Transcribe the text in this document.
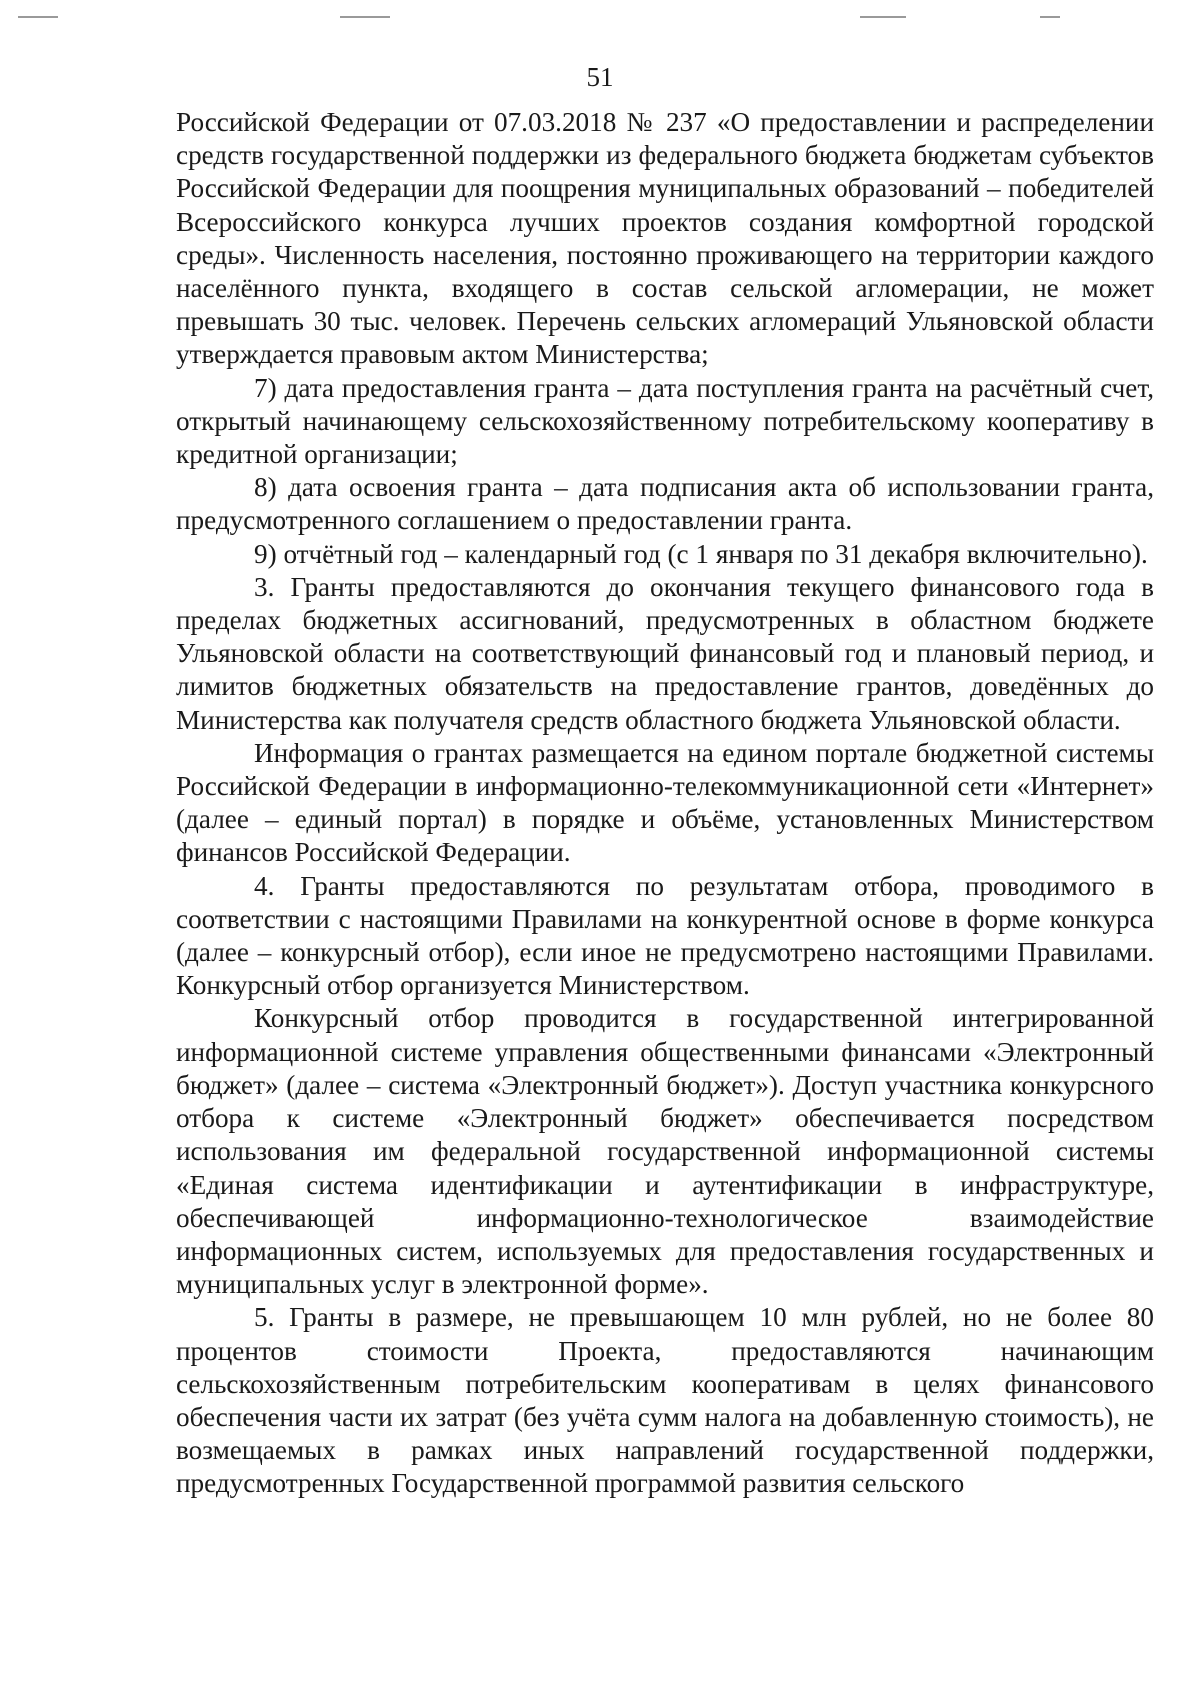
51

Российской Федерации от 07.03.2018 № 237 «О предоставлении и распределении средств государственной поддержки из федерального бюджета бюджетам субъектов Российской Федерации для поощрения муниципальных образований – победителей Всероссийского конкурса лучших проектов создания комфортной городской среды». Численность населения, постоянно проживающего на территории каждого населённого пункта, входящего в состав сельской агломерации, не может превышать 30 тыс. человек. Перечень сельских агломераций Ульяновской области утверждается правовым актом Министерства;

7) дата предоставления гранта – дата поступления гранта на расчётный счет, открытый начинающему сельскохозяйственному потребительскому кооперативу в кредитной организации;

8) дата освоения гранта – дата подписания акта об использовании гранта, предусмотренного соглашением о предоставлении гранта.

9) отчётный год – календарный год (с 1 января по 31 декабря включительно).

3. Гранты предоставляются до окончания текущего финансового года в пределах бюджетных ассигнований, предусмотренных в областном бюджете Ульяновской области на соответствующий финансовый год и плановый период, и лимитов бюджетных обязательств на предоставление грантов, доведённых до Министерства как получателя средств областного бюджета Ульяновской области.

Информация о грантах размещается на едином портале бюджетной системы Российской Федерации в информационно-телекоммуникационной сети «Интернет» (далее – единый портал) в порядке и объёме, установленных Министерством финансов Российской Федерации.

4. Гранты предоставляются по результатам отбора, проводимого в соответствии с настоящими Правилами на конкурентной основе в форме конкурса (далее – конкурсный отбор), если иное не предусмотрено настоящими Правилами. Конкурсный отбор организуется Министерством.

Конкурсный отбор проводится в государственной интегрированной информационной системе управления общественными финансами «Электронный бюджет» (далее – система «Электронный бюджет»). Доступ участника конкурсного отбора к системе «Электронный бюджет» обеспечивается посредством использования им федеральной государственной информационной системы «Единая система идентификации и аутентификации в инфраструктуре, обеспечивающей информационно-технологическое взаимодействие информационных систем, используемых для предоставления государственных и муниципальных услуг в электронной форме».

5. Гранты в размере, не превышающем 10 млн рублей, но не более 80 процентов стоимости Проекта, предоставляются начинающим сельскохозяйственным потребительским кооперативам в целях финансового обеспечения части их затрат (без учёта сумм налога на добавленную стоимость), не возмещаемых в рамках иных направлений государственной поддержки, предусмотренных Государственной программой развития сельского
